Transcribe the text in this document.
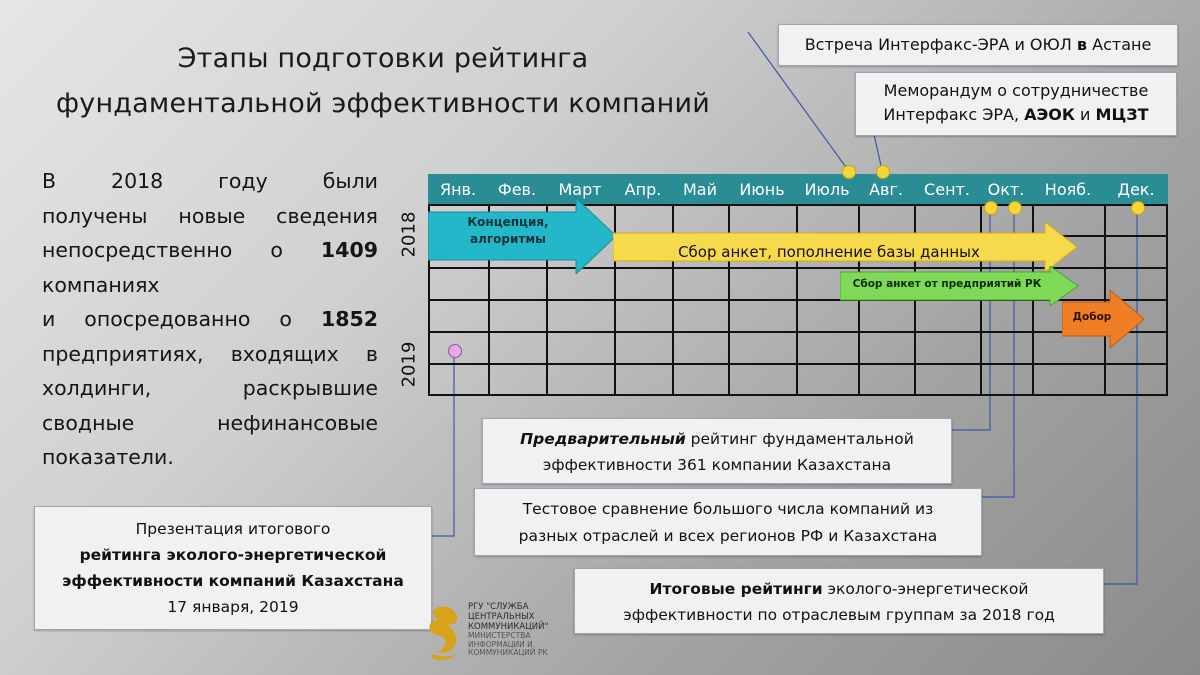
Этапы подготовки рейтинга
фундаментальной эффективности компаний

В	2018	году	были

получены новые сведения

непосредственно о 1409

компаниях

и опосредованно о 1852

предприятиях, входящих в

холдинги,	раскрывшие

сводные	нефинансовые

показатели.

Янв.	Фев.	Март	Апр.	Май	Июнь	Июль	Авг.	Сент.	Окт.	Нояб.	Дек.
2018
2019
Концепция,
алгоритмы
Сбор анкет, пополнение базы данных
Сбор анкет от предприятий РК
Добор
Встреча Интерфакс-ЭРА и ОЮЛ в Астане
Меморандум о сотрудничестве
Интерфакс ЭРА, АЭОК и МЦЗТ
Предварительный рейтинг фундаментальной
эффективности 361 компании Казахстана
Тестовое сравнение большого числа компаний из
разных отраслей и всех регионов РФ и Казахстана
Итоговые рейтинги эколого-энергетической
эффективности по отраслевым группам за 2018 год
Презентация итогового
рейтинга эколого-энергетической
эффективности компаний Казахстана
17 января, 2019	РГУ "СЛУЖБА
ЦЕНТРАЛЬНЫХ
КОММУНИКАЦИЙ"
МИНИСТЕРСТВА
ИНФОРМАЦИИ И
КОММУНИКАЦИЙ РК
